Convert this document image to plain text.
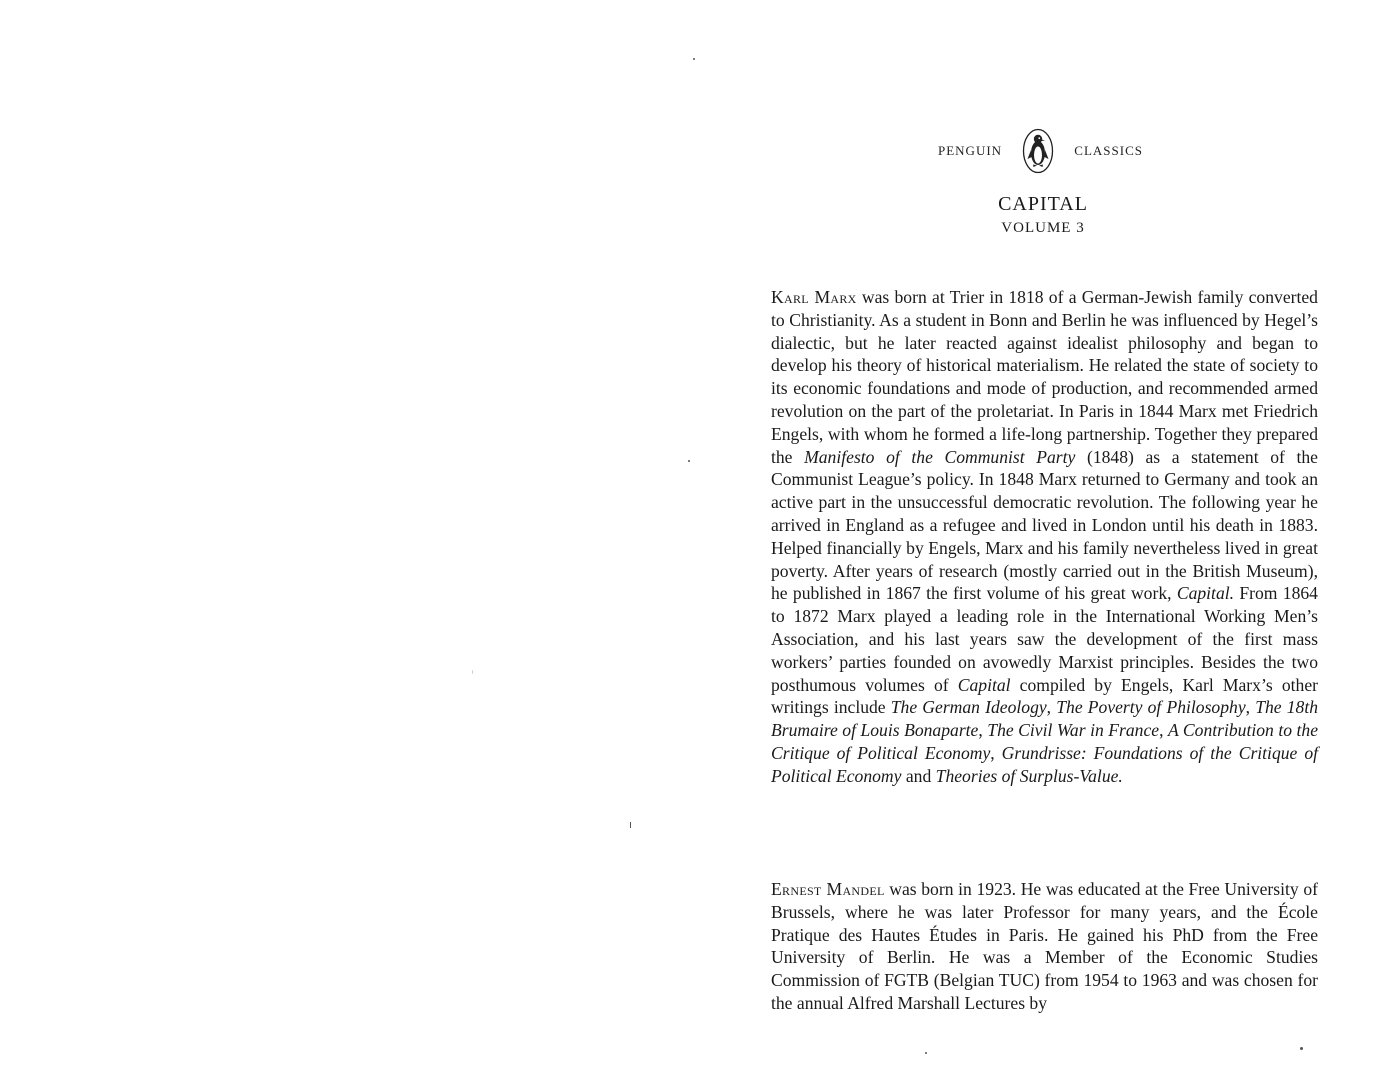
PENGUIN	CLASSICS
CAPITAL
VOLUME 3

Karl Marx was born at Trier in 1818 of a German-Jewish family converted to Christianity. As a student in Bonn and Berlin he was influenced by Hegel’s dialectic, but he later reacted against idealist philosophy and began to develop his theory of historical materialism. He related the state of society to its economic foundations and mode of production, and recommended armed revolution on the part of the proletariat. In Paris in 1844 Marx met Friedrich Engels, with whom he formed a life-long partnership. Together they prepared the Manifesto of the Communist Party (1848) as a statement of the Communist League’s policy. In 1848 Marx returned to Germany and took an active part in the unsuccessful democratic revolution. The following year he arrived in England as a refugee and lived in London until his death in 1883. Helped financially by Engels, Marx and his family nevertheless lived in great poverty. After years of research (mostly carried out in the British Museum), he published in 1867 the first volume of his great work, Capital. From 1864 to 1872 Marx played a leading role in the International Working Men’s Association, and his last years saw the development of the first mass workers’ parties founded on avowedly Marxist principles. Besides the two posthumous volumes of Capital compiled by Engels, Karl Marx’s other writings include The German Ideology, The Poverty of Philosophy, The 18th Brumaire of Louis Bonaparte, The Civil War in France, A Contribution to the Critique of Political Economy, Grundrisse: Foundations of the Critique of Political Economy and Theories of Surplus-Value.

Ernest Mandel was born in 1923. He was educated at the Free University of Brussels, where he was later Professor for many years, and the École Pratique des Hautes Études in Paris. He gained his PhD from the Free University of Berlin. He was a Member of the Economic Studies Commission of FGTB (Belgian TUC) from 1954 to 1963 and was chosen for the annual Alfred Marshall Lectures by
